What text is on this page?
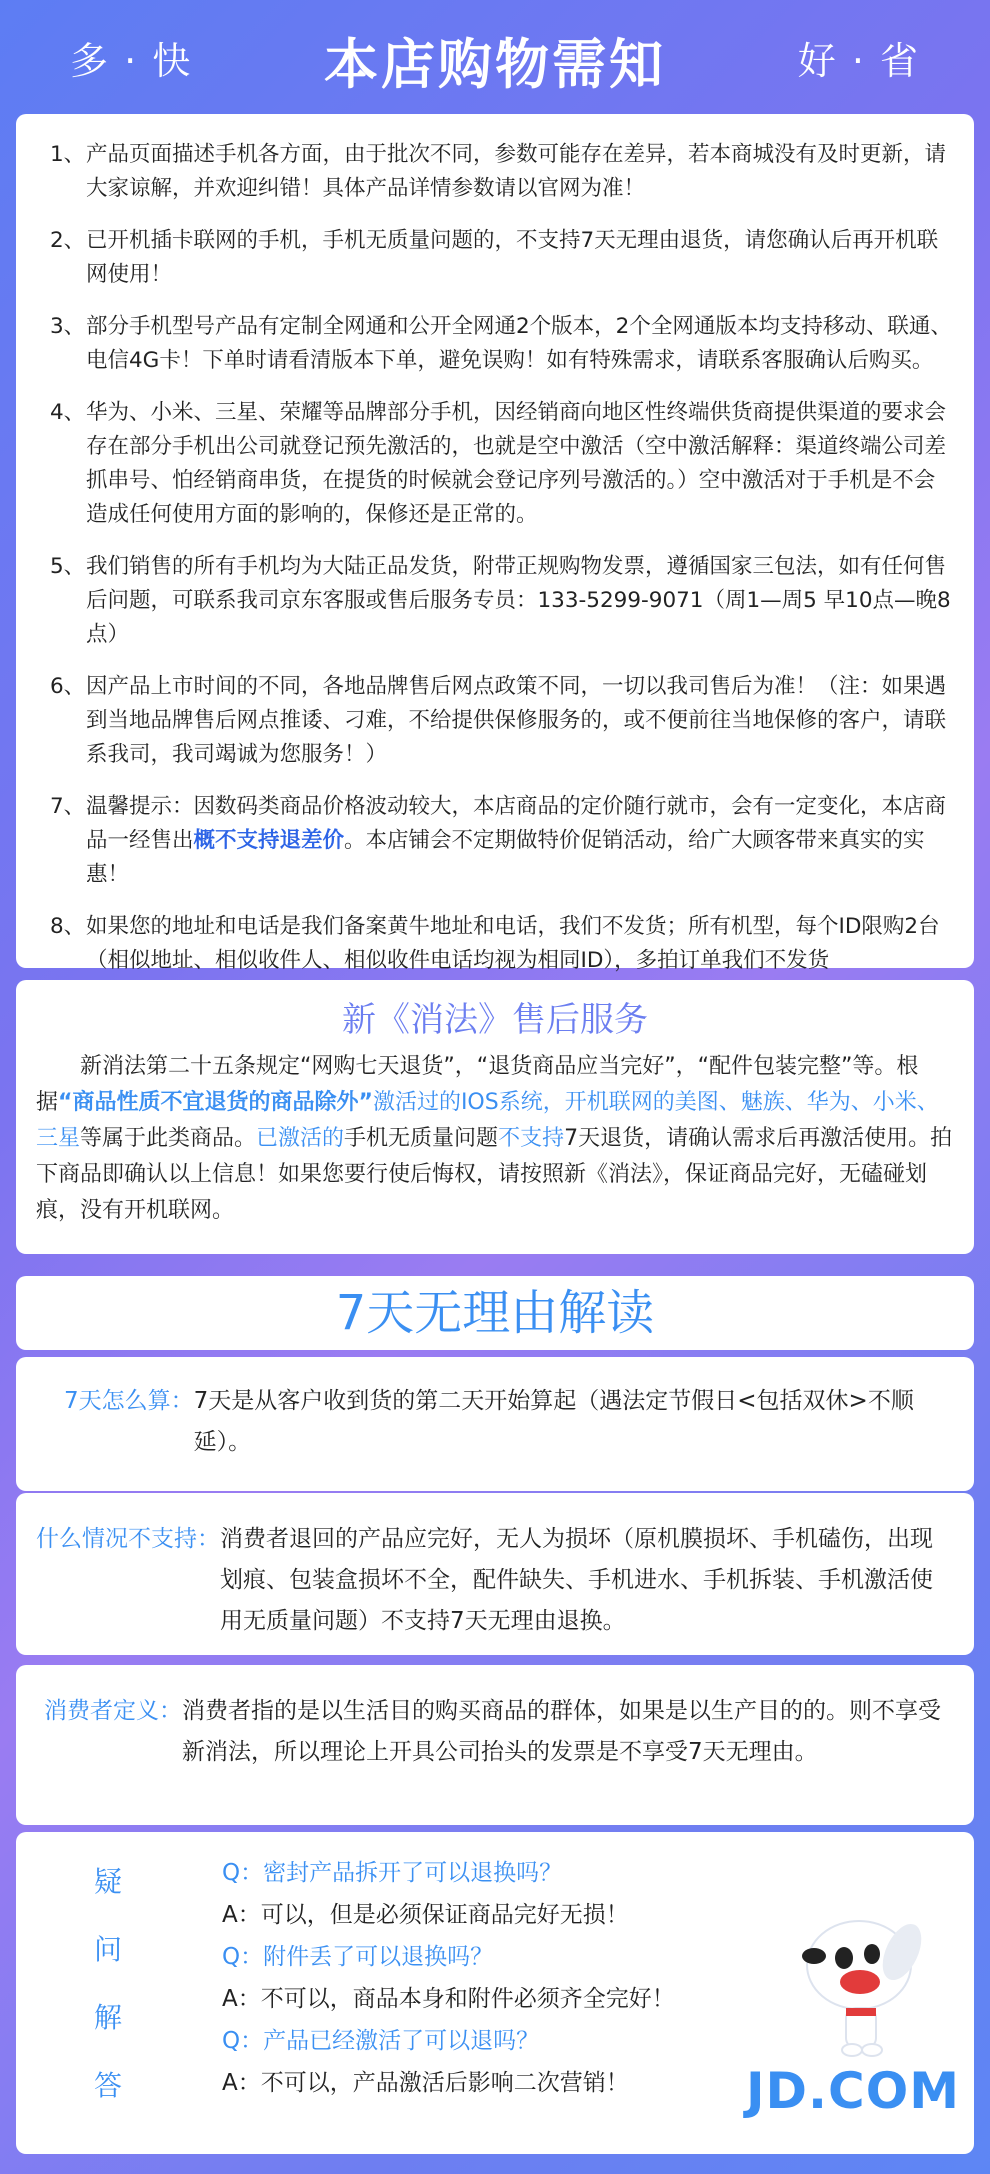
多 · 快	本店购物需知	好 · 省
1、 产品页面描述手机各方面，由于批次不同，参数可能存在差异，若本商城没有及时更新，请大家谅解，并欢迎纠错！具体产品详情参数请以官网为准！
2、 已开机插卡联网的手机，手机无质量问题的，不支持7天无理由退货，请您确认后再开机联网使用！
3、 部分手机型号产品有定制全网通和公开全网通2个版本，2个全网通版本均支持移动、联通、电信4G卡！下单时请看清版本下单，避免误购！如有特殊需求，请联系客服确认后购买。
4、 华为、小米、三星、荣耀等品牌部分手机，因经销商向地区性终端供货商提供渠道的要求会存在部分手机出公司就登记预先激活的，也就是空中激活（空中激活解释：渠道终端公司差抓串号、怕经销商串货，在提货的时候就会登记序列号激活的。）空中激活对于手机是不会造成任何使用方面的影响的，保修还是正常的。
5、 我们销售的所有手机均为大陆正品发货，附带正规购物发票，遵循国家三包法，如有任何售后问题，可联系我司京东客服或售后服务专员：133-5299-9071（周1—周5 早10点—晚8点）
6、 因产品上市时间的不同，各地品牌售后网点政策不同，一切以我司售后为准！（注：如果遇到当地品牌售后网点推诿、刁难，不给提供保修服务的，或不便前往当地保修的客户，请联系我司，我司竭诚为您服务！）
7、 温馨提示：因数码类商品价格波动较大，本店商品的定价随行就市，会有一定变化，本店商品一经售出概不支持退差价。本店铺会不定期做特价促销活动，给广大顾客带来真实的实惠！
8、 如果您的地址和电话是我们备案黄牛地址和电话，我们不发货；所有机型，每个ID限购2台（相似地址、相似收件人、相似收件电话均视为相同ID），多拍订单我们不发货
新《消法》售后服务
  新消法第二十五条规定“网购七天退货”，“退货商品应当完好”，“配件包装完整”等。根据“商品性质不宜退货的商品除外”激活过的IOS系统，开机联网的美图、魅族、华为、小米、三星等属于此类商品。已激活的手机无质量问题不支持7天退货，请确认需求后再激活使用。拍下商品即确认以上信息！如果您要行使后悔权，请按照新《消法》，保证商品完好，无磕碰划痕，没有开机联网。
7天无理由解读
7天怎么算： 7天是从客户收到货的第二天开始算起（遇法定节假日<包括双休>不顺延）。
什么情况不支持： 消费者退回的产品应完好，无人为损坏（原机膜损坏、手机磕伤，出现划痕、包装盒损坏不全，配件缺失、手机进水、手机拆装、手机激活使用无质量问题）不支持7天无理由退换。
消费者定义： 消费者指的是以生活目的购买商品的群体，如果是以生产目的的。则不享受新消法，所以理论上开具公司抬头的发票是不享受7天无理由。
疑
问
解
答
Q：密封产品拆开了可以退换吗？
A：可以，但是必须保证商品完好无损！
Q：附件丢了可以退换吗？
A：不可以，商品本身和附件必须齐全完好！
Q：产品已经激活了可以退吗？
A：不可以，产品激活后影响二次营销！	JD.COM
